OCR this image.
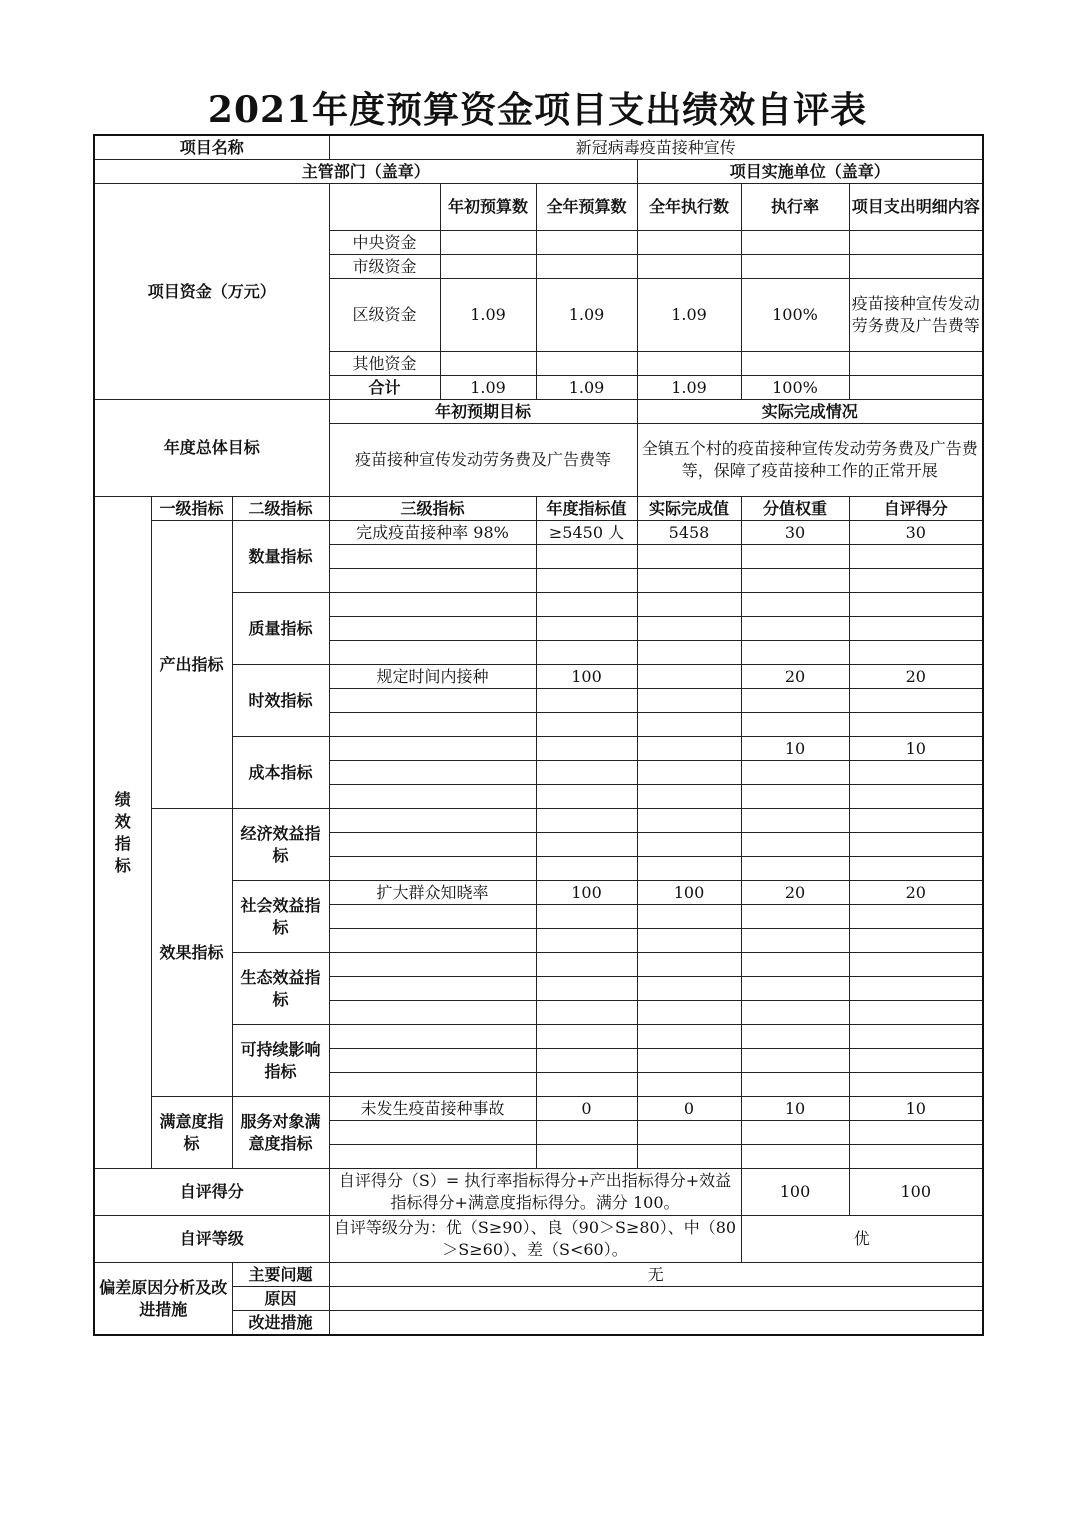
2021年度预算资金项目支出绩效自评表
项目名称			新冠病毒疫苗接种宣传					
主管部门（盖章）						项目实施单位（盖章）		
项目资金（万元）				年初预算数	全年预算数	全年执行数	执行率	项目支出明细内容
			中央资金					
			市级资金					
			区级资金	1.09	1.09	1.09	100%	疫苗接种宣传发动劳务费及广告费等
			其他资金					
			合计	1.09	1.09	1.09	100%	
年度总体目标			年初预期目标			实际完成情况		
			疫苗接种宣传发动劳务费及广告费等			全镇五个村的疫苗接种宣传发动劳务费及广告费等，保障了疫苗接种工作的正常开展		
绩效指标	一级指标	二级指标	三级指标		年度指标值	实际完成值	分值权重	自评得分
	产出指标	数量指标	完成疫苗接种率 98%		≥5450 人	5458	30	30

		质量指标						

		时效指标	规定时间内接种		100		20	20

		成本指标					10	10

	效果指标	经济效益指标						

		社会效益指标	扩大群众知晓率		100	100	20	20

		生态效益指标						

		可持续影响指标						

	满意度指标	服务对象满意度指标	未发生疫苗接种事故		0	0	10	10

自评得分			自评得分（S）= 执行率指标得分+产出指标得分+效益指标得分+满意度指标得分。满分 100。				100	100
自评等级			自评等级分为：优（S≥90）、良（90＞S≥80）、中（80＞S≥60）、差（S<60）。				优	
偏差原因分析及改进措施		主要问题	无					
		原因						
		改进措施						
